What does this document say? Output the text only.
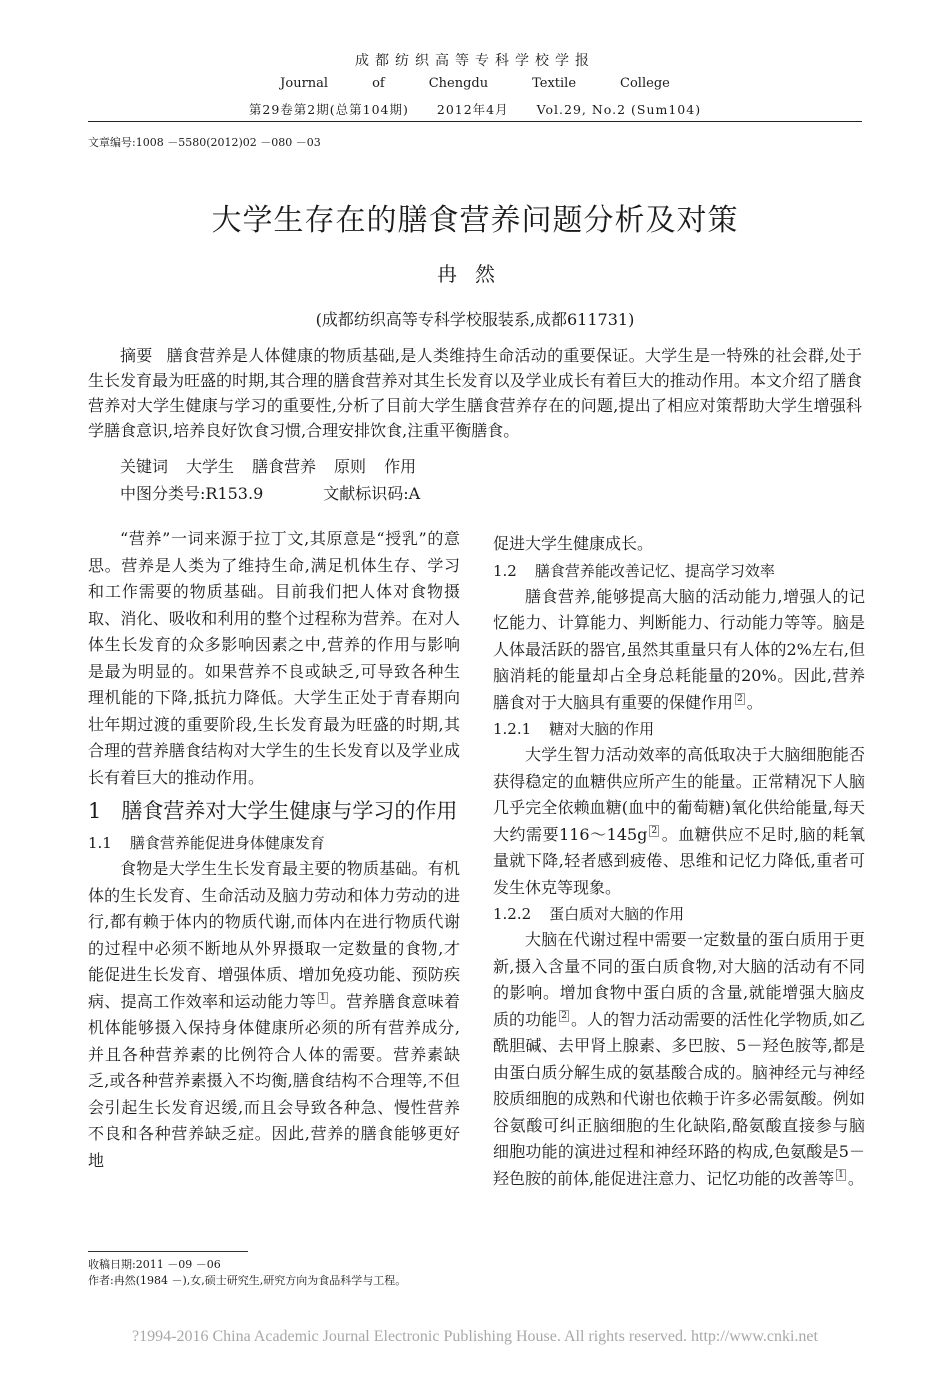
成都纺织高等专科学校学报
Journal	of	Chengdu	Textile	College
第29卷第2期(总第104期) 2012年4月 Vol.29, No.2 (Sum104)
文章编号:1008 －5580(2012)02 －080 －03
大学生存在的膳食营养问题分析及对策
冉然
(成都纺织高等专科学校服装系,成都611731)
摘要 膳食营养是人体健康的物质基础,是人类维持生命活动的重要保证。大学生是一特殊的社会群,处于生长发育最为旺盛的时期,其合理的膳食营养对其生长发育以及学业成长有着巨大的推动作用。本文介绍了膳食营养对大学生健康与学习的重要性,分析了目前大学生膳食营养存在的问题,提出了相应对策帮助大学生增强科学膳食意识,培养良好饮食习惯,合理安排饮食,注重平衡膳食。
关键词 大学生 膳食营养 原则 作用
中图分类号:R153.9	文献标识码:A

“营养”一词来源于拉丁文,其原意是“授乳”的意思。营养是人类为了维持生命,满足机体生存、学习和工作需要的物质基础。目前我们把人体对食物摄取、消化、吸收和利用的整个过程称为营养。在对人体生长发育的众多影响因素之中,营养的作用与影响是最为明显的。如果营养不良或缺乏,可导致各种生理机能的下降,抵抗力降低。大学生正处于青春期向壮年期过渡的重要阶段,生长发育最为旺盛的时期,其合理的营养膳食结构对大学生的生长发育以及学业成长有着巨大的推动作用。

1 膳食营养对大学生健康与学习的作用
1.1 膳食营养能促进身体健康发育

食物是大学生生长发育最主要的物质基础。有机体的生长发育、生命活动及脑力劳动和体力劳动的进行,都有赖于体内的物质代谢,而体内在进行物质代谢的过程中必须不断地从外界摄取一定数量的食物,才能促进生长发育、增强体质、增加免疫功能、预防疾病、提高工作效率和运动能力等 $^1$ 。营养膳食意味着机体能够摄入保持身体健康所必须的所有营养成分,并且各种营养素的比例符合人体的需要。营养素缺乏,或各种营养素摄入不均衡,膳食结构不合理等,不但会引起生长发育迟缓,而且会导致各种急、慢性营养不良和各种营养缺乏症。因此,营养的膳食能够更好地

促进大学生健康成长。

1.2 膳食营养能改善记忆、提高学习效率

膳食营养,能够提高大脑的活动能力,增强人的记忆能力、计算能力、判断能力、行动能力等等。脑是人体最活跃的器官,虽然其重量只有人体的2%左右,但脑消耗的能量却占全身总耗能量的20%。因此,营养膳食对于大脑具有重要的保健作用 $^2$ 。

1.2.1 糖对大脑的作用

大学生智力活动效率的高低取决于大脑细胞能否获得稳定的血糖供应所产生的能量。正常精况下人脑几乎完全依赖血糖(血中的葡萄糖)氧化供给能量,每天大约需要116～145g $^2$ 。血糖供应不足时,脑的耗氧量就下降,轻者感到疲倦、思维和记忆力降低,重者可发生休克等现象。

1.2.2 蛋白质对大脑的作用

大脑在代谢过程中需要一定数量的蛋白质用于更新,摄入含量不同的蛋白质食物,对大脑的活动有不同的影响。增加食物中蛋白质的含量,就能增强大脑皮质的功能 $^2$ 。人的智力活动需要的活性化学物质,如乙酰胆碱、去甲肾上腺素、多巴胺、5－羟色胺等,都是由蛋白质分解生成的氨基酸合成的。脑神经元与神经胶质细胞的成熟和代谢也依赖于许多必需氨酸。例如谷氨酸可纠正脑细胞的生化缺陷,酪氨酸直接参与脑细胞功能的演进过程和神经环路的构成,色氨酸是5－羟色胺的前体,能促进注意力、记忆功能的改善等 $^1$ 。

收稿日期:2011 －09 －06
作者:冉然(1984 －),女,硕士研究生,研究方向为食品科学与工程。
?1994-2016 China Academic Journal Electronic Publishing House. All rights reserved. http://www.cnki.net
